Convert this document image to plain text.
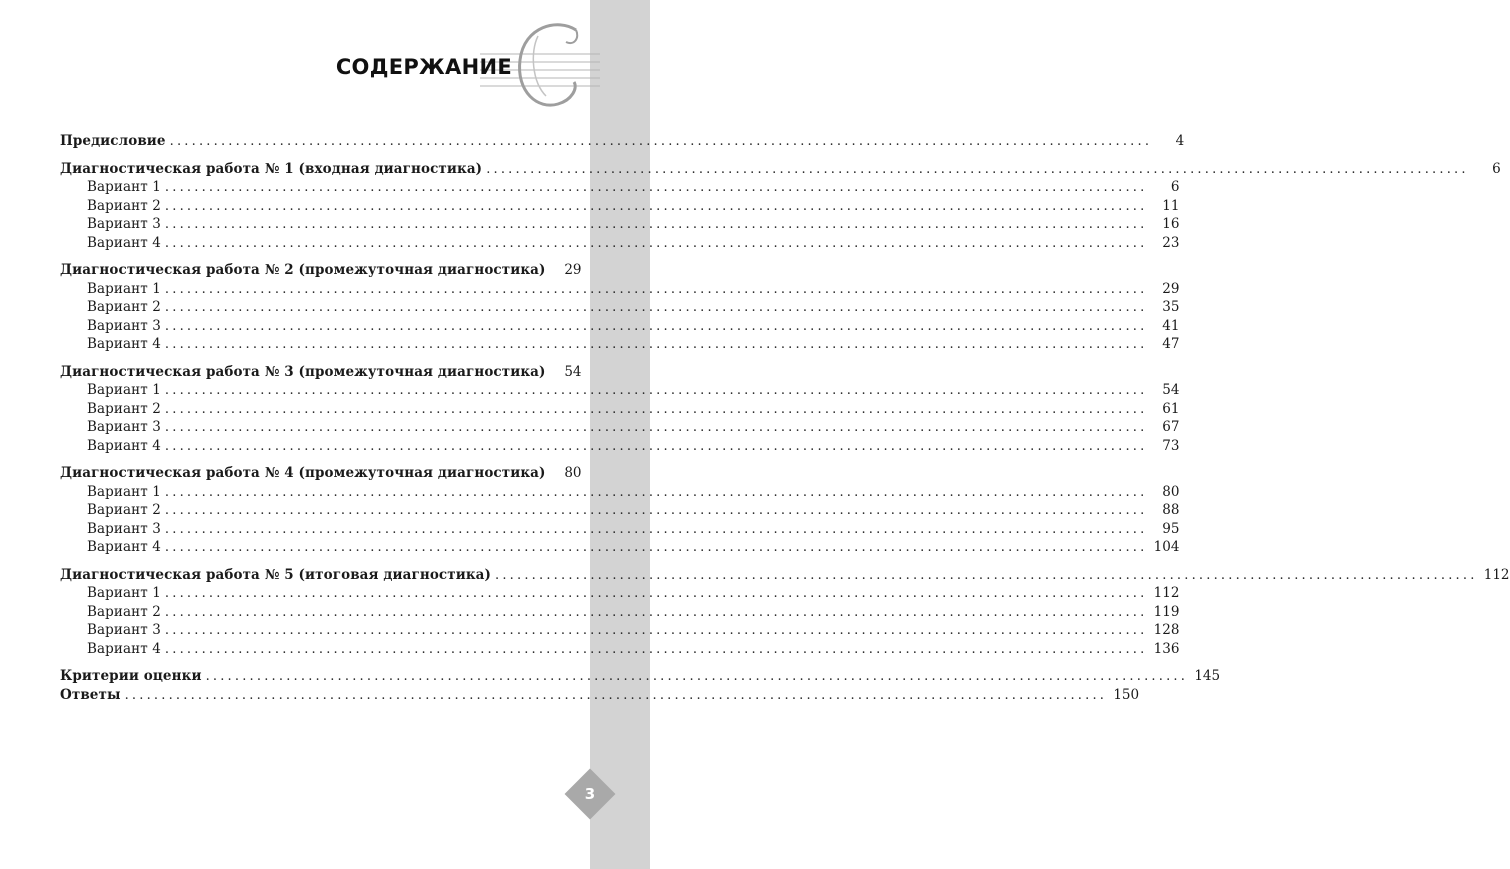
СОДЕРЖАНИЕ
Предисловие ......................................................................................................................................	4
Диагностическая работа № 1 (входная диагностика) ......................................................................................................................................	6
Вариант 1 ......................................................................................................................................	6
Вариант 2 ......................................................................................................................................	11
Вариант 3 ......................................................................................................................................	16
Вариант 4 ......................................................................................................................................	23
Диагностическая работа № 2 (промежуточная диагностика)	29
Вариант 1 ......................................................................................................................................	29
Вариант 2 ......................................................................................................................................	35
Вариант 3 ......................................................................................................................................	41
Вариант 4 ......................................................................................................................................	47
Диагностическая работа № 3 (промежуточная диагностика)	54
Вариант 1 ......................................................................................................................................	54
Вариант 2 ......................................................................................................................................	61
Вариант 3 ......................................................................................................................................	67
Вариант 4 ......................................................................................................................................	73
Диагностическая работа № 4 (промежуточная диагностика)	80
Вариант 1 ......................................................................................................................................	80
Вариант 2 ......................................................................................................................................	88
Вариант 3 ......................................................................................................................................	95
Вариант 4 ...................................................................................................................................... 104
Диагностическая работа № 5 (итоговая диагностика) ...................................................................................................................................... 112
Вариант 1 ...................................................................................................................................... 112
Вариант 2 ...................................................................................................................................... 119
Вариант 3 ...................................................................................................................................... 128
Вариант 4 ...................................................................................................................................... 136
Критерии оценки ...................................................................................................................................... 145
Ответы ...................................................................................................................................... 150
3
